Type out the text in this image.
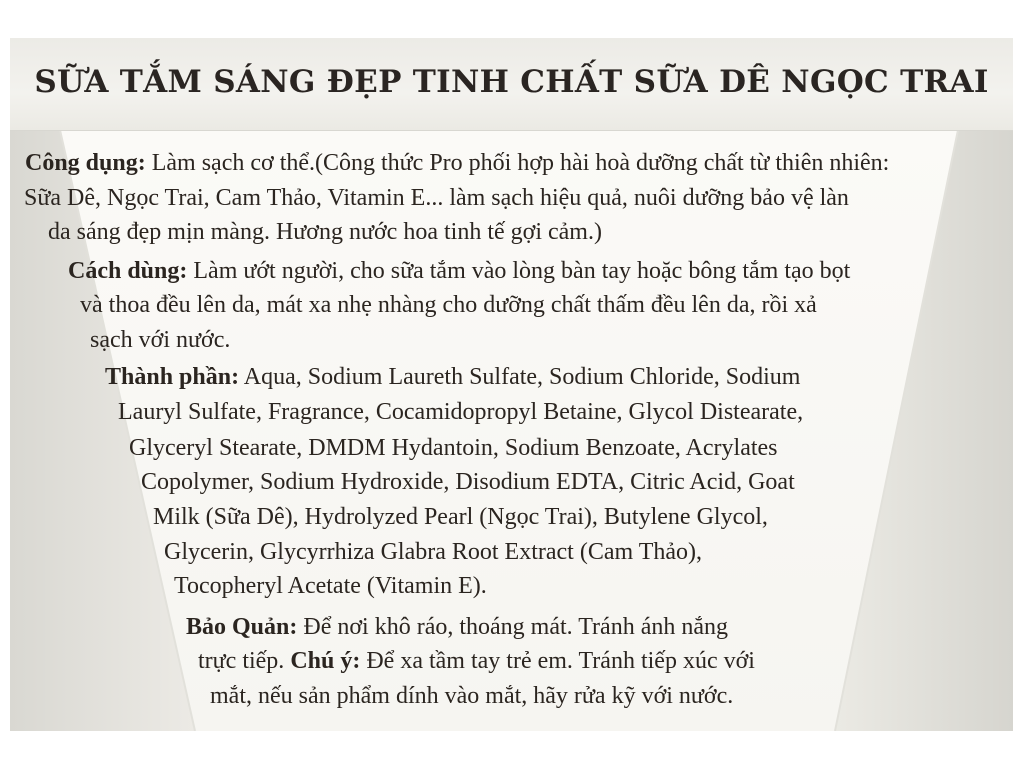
SỮA TẮM SÁNG ĐẸP TINH CHẤT SỮA DÊ NGỌC TRAI

Công dụng: Làm sạch cơ thể.(Công thức Pro phối hợp hài hoà dưỡng chất từ thiên nhiên:

Sữa Dê, Ngọc Trai, Cam Thảo, Vitamin E... làm sạch hiệu quả, nuôi dưỡng bảo vệ làn

da sáng đẹp mịn màng. Hương nước hoa tinh tế gợi cảm.)

Cách dùng: Làm ướt người, cho sữa tắm vào lòng bàn tay hoặc bông tắm tạo bọt

và thoa đều lên da, mát xa nhẹ nhàng cho dưỡng chất thấm đều lên da, rồi xả

sạch với nước.

Thành phần: Aqua, Sodium Laureth Sulfate, Sodium Chloride, Sodium

Lauryl Sulfate, Fragrance, Cocamidopropyl Betaine, Glycol Distearate,

Glyceryl Stearate, DMDM Hydantoin, Sodium Benzoate, Acrylates

Copolymer, Sodium Hydroxide, Disodium EDTA, Citric Acid, Goat

Milk (Sữa Dê), Hydrolyzed Pearl (Ngọc Trai), Butylene Glycol,

Glycerin, Glycyrrhiza Glabra Root Extract (Cam Thảo),

Tocopheryl Acetate (Vitamin E).

Bảo Quản: Để nơi khô ráo, thoáng mát. Tránh ánh nắng

trực tiếp. Chú ý: Để xa tầm tay trẻ em. Tránh tiếp xúc với

mắt, nếu sản phẩm dính vào mắt, hãy rửa kỹ với nước.
